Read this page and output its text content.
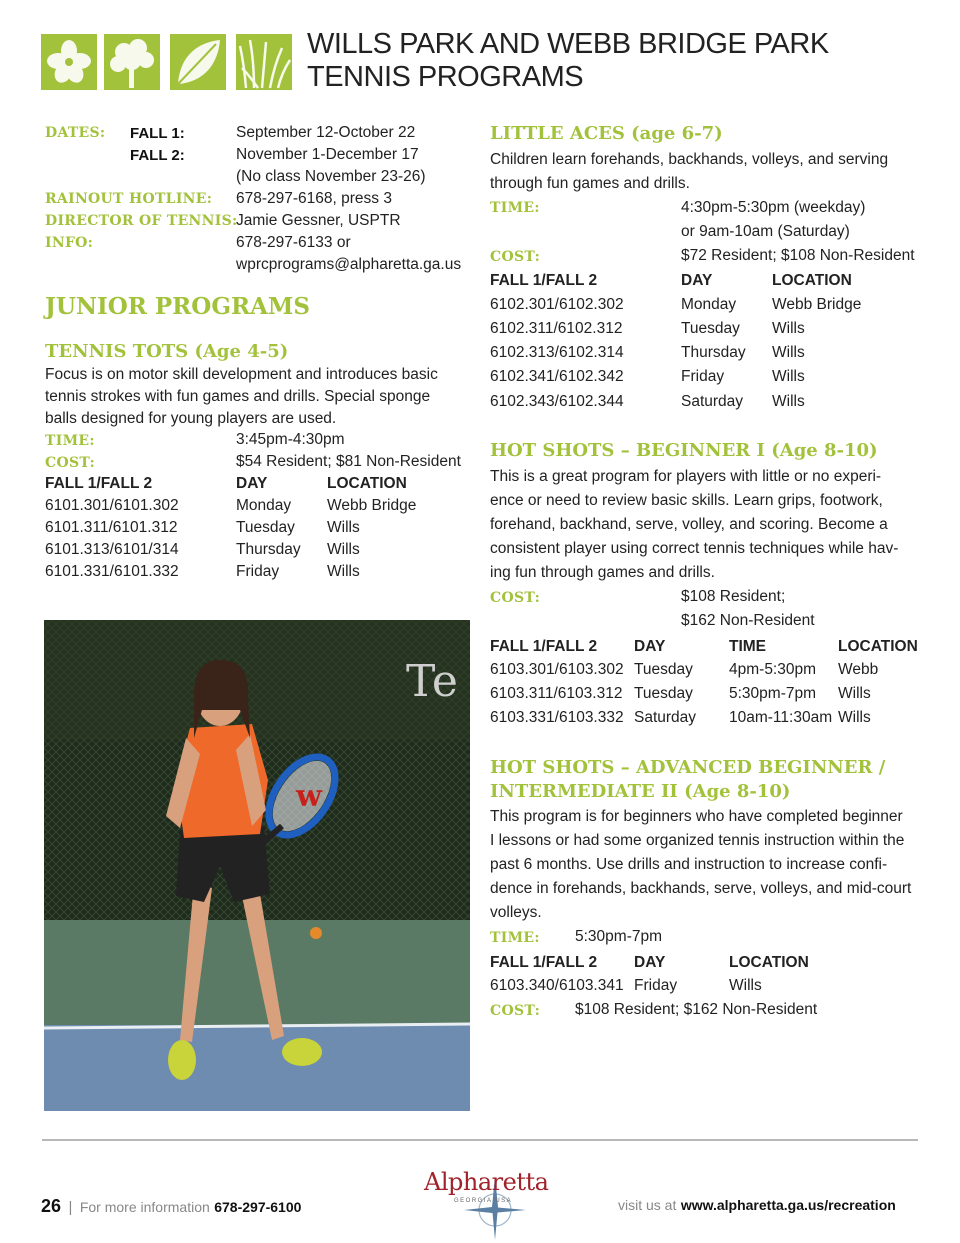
WILLS PARK AND WEBB BRIDGE PARK
TENNIS PROGRAMS
DATES: FALL 1:	September 12-October 22
FALL 2:	November 1-December 17
(No class November 23-26)
RAINOUT HOTLINE: 678-297-6168, press 3
DIRECTOR OF TENNIS:
Jamie Gessner, USPTR
INFO:	678-297-6133 or
wprcprograms@alpharetta.ga.us
JUNIOR PROGRAMS
TENNIS TOTS (Age 4-5)
Focus is on motor skill development and introduces basic
tennis strokes with fun games and drills. Special sponge
balls designed for young players are used.
TIME:	3:45pm-4:30pm
COST:	$54 Resident; $81 Non-Resident
FALL 1/FALL 2	DAY	LOCATION
6101.301/6101.302	Monday Webb Bridge
6101.311/6101.312	Tuesday Wills
6101.313/6101/314	Thursday Wills
6101.331/6101.332	Friday	Wills
w
Te
LITTLE ACES (age 6-7)
Children learn forehands, backhands, volleys, and serving
through fun games and drills.
TIME:	4:30pm-5:30pm (weekday)
or 9am-10am (Saturday)
COST:	$72 Resident; $108 Non-Resident
FALL 1/FALL 2	DAY	LOCATION
6102.301/6102.302	Monday Webb Bridge
6102.311/6102.312	Tuesday Wills
6102.313/6102.314	Thursday Wills
6102.341/6102.342	Friday	Wills
6102.343/6102.344	Saturday Wills
HOT SHOTS – BEGINNER I (Age 8-10)
This is a great program for players with little or no experi-
ence or need to review basic skills. Learn grips, footwork,
forehand, backhand, serve, volley, and scoring. Become a
consistent player using correct tennis techniques while hav-
ing fun through games and drills.
COST:	$108 Resident;
$162 Non-Resident
FALL 1/FALL 2 DAY	TIME	LOCATION
6103.301/6103.302 Tuesday 4pm-5:30pm Webb
6103.311/6103.312 Tuesday 5:30pm-7pm Wills
6103.331/6103.332 Saturday 10am-11:30am Wills
HOT SHOTS – ADVANCED BEGINNER /
INTERMEDIATE II (Age 8-10)
This program is for beginners who have completed beginner
I lessons or had some organized tennis instruction within the
past 6 months. Use drills and instruction to increase confi-
dence in forehands, backhands, serve, volleys, and mid-court
volleys.
TIME: 5:30pm-7pm
FALL 1/FALL 2 DAY	LOCATION
6103.340/6103.341 Friday	Wills
COST: $108 Resident; $162 Non-Resident
26 | For more information 678-297-6100
Alpharetta
GEORGIA USA	visit us at www.alpharetta.ga.us/recreation
